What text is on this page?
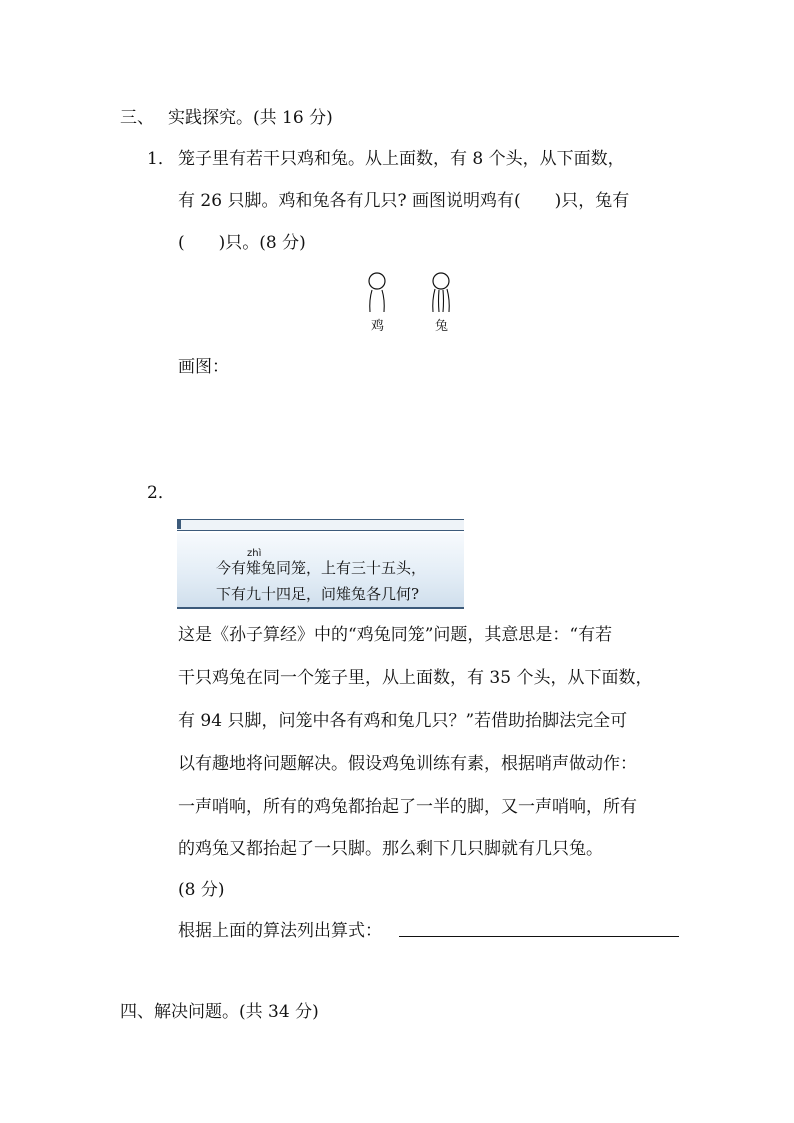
三、 实践探究。(共 16 分)
1． 笼子里有若干只鸡和兔。从上面数，有 8 个头，从下面数，
有 26 只脚。鸡和兔各有几只? 画图说明鸡有(　　)只，兔有
(　　)只。(8 分)
鸡	兔
画图：
2．
zhì
今有雉兔同笼，上有三十五头，
下有九十四足，问雉兔各几何?
这是《孙子算经》中的“鸡兔同笼”问题，其意思是：“有若
干只鸡兔在同一个笼子里，从上面数，有 35 个头，从下面数，
有 94 只脚，问笼中各有鸡和兔几只？”若借助抬脚法完全可
以有趣地将问题解决。假设鸡兔训练有素，根据哨声做动作：
一声哨响，所有的鸡兔都抬起了一半的脚，又一声哨响，所有
的鸡兔又都抬起了一只脚。那么剩下几只脚就有几只兔。
(8 分)
根据上面的算法列出算式：
四、解决问题。(共 34 分)
